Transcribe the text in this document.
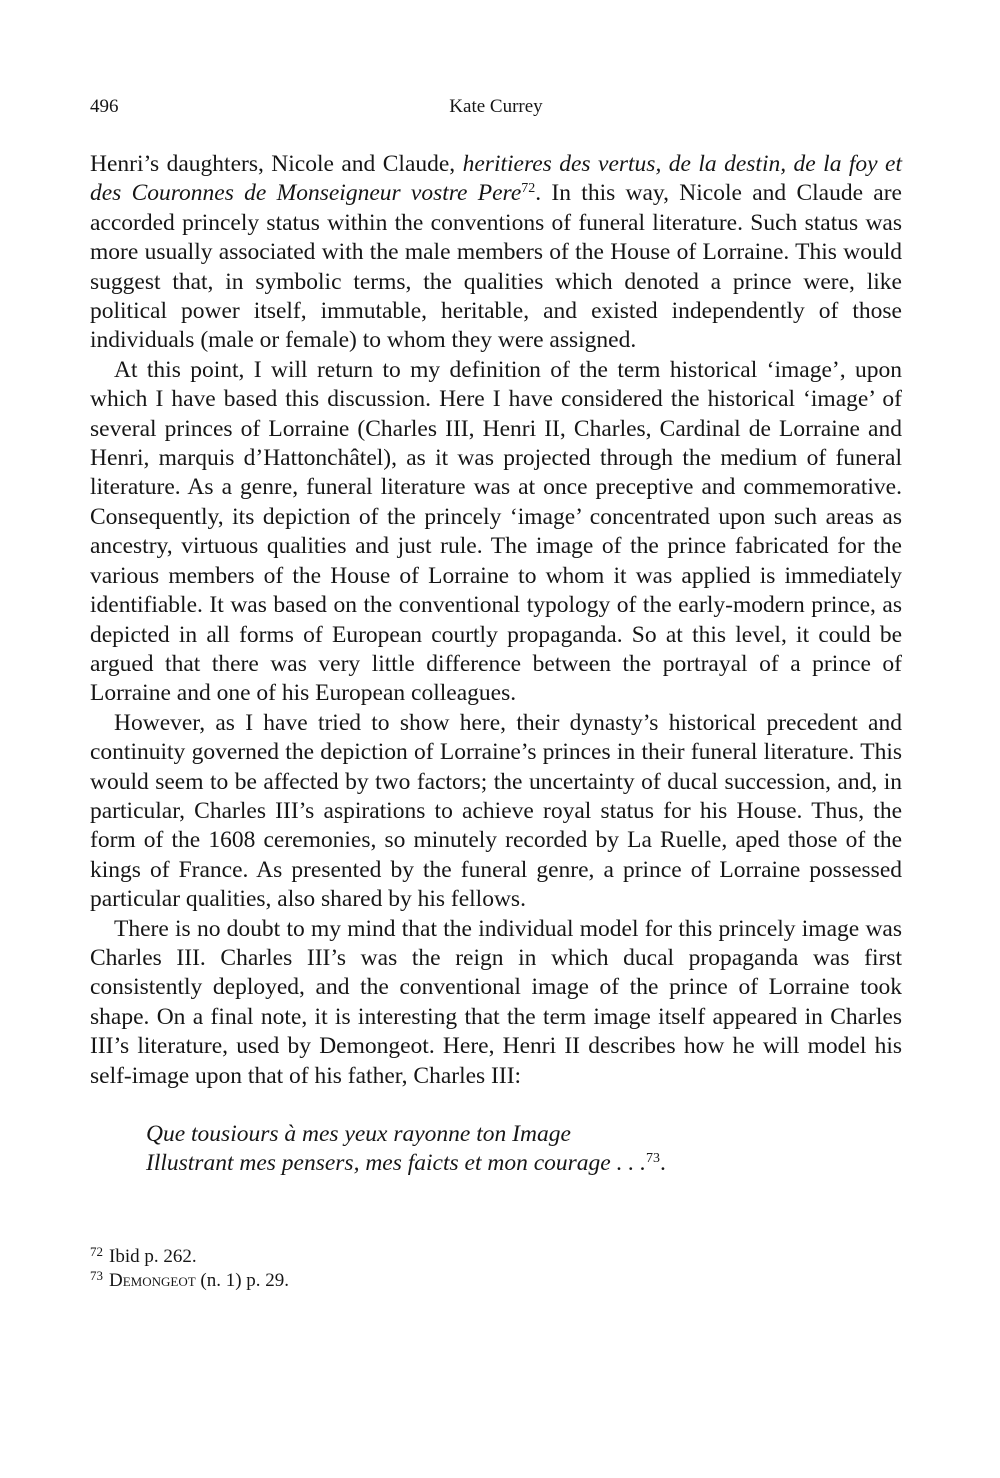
496	Kate Currey

Henri’s daughters, Nicole and Claude, heritieres des vertus, de la destin, de la foy et des Couronnes de Monseigneur vostre Pere$^{72}$. In this way, Nicole and Claude are accorded princely status within the conventions of funeral literature. Such status was more usually associated with the male members of the House of Lorraine. This would suggest that, in symbolic terms, the qualities which denoted a prince were, like political power itself, immutable, heritable, and existed independently of those individuals (male or female) to whom they were assigned.

At this point, I will return to my definition of the term historical ‘image’, upon which I have based this discussion. Here I have considered the historical ‘image’ of several princes of Lorraine (Charles III, Henri II, Charles, Cardinal de Lorraine and Henri, marquis d’Hattonchâtel), as it was projected through the medium of funeral literature. As a genre, funeral literature was at once preceptive and commemorative. Consequently, its depiction of the princely ‘image’ concentrated upon such areas as ancestry, virtuous qualities and just rule. The image of the prince fabricated for the various members of the House of Lorraine to whom it was applied is immediately identifiable. It was based on the conventional typology of the early-modern prince, as depicted in all forms of European courtly propaganda. So at this level, it could be argued that there was very little difference between the portrayal of a prince of Lorraine and one of his European colleagues.

However, as I have tried to show here, their dynasty’s historical precedent and continuity governed the depiction of Lorraine’s princes in their funeral literature. This would seem to be affected by two factors; the uncertainty of ducal succession, and, in particular, Charles III’s aspirations to achieve royal status for his House. Thus, the form of the 1608 ceremonies, so minutely recorded by La Ruelle, aped those of the kings of France. As presented by the funeral genre, a prince of Lorraine possessed particular qualities, also shared by his fellows.

There is no doubt to my mind that the individual model for this princely image was Charles III. Charles III’s was the reign in which ducal propaganda was first consistently deployed, and the conventional image of the prince of Lorraine took shape. On a final note, it is interesting that the term image itself appeared in Charles III’s literature, used by Demongeot. Here, Henri II describes how he will model his self-image upon that of his father, Charles III:

Que tousiours à mes yeux rayonne ton Image
Illustrant mes pensers, mes faicts et mon courage . . .$^{73}$.
$^{72}$ Ibid p. 262.
$^{73}$ Demongeot (n. 1) p. 29.
